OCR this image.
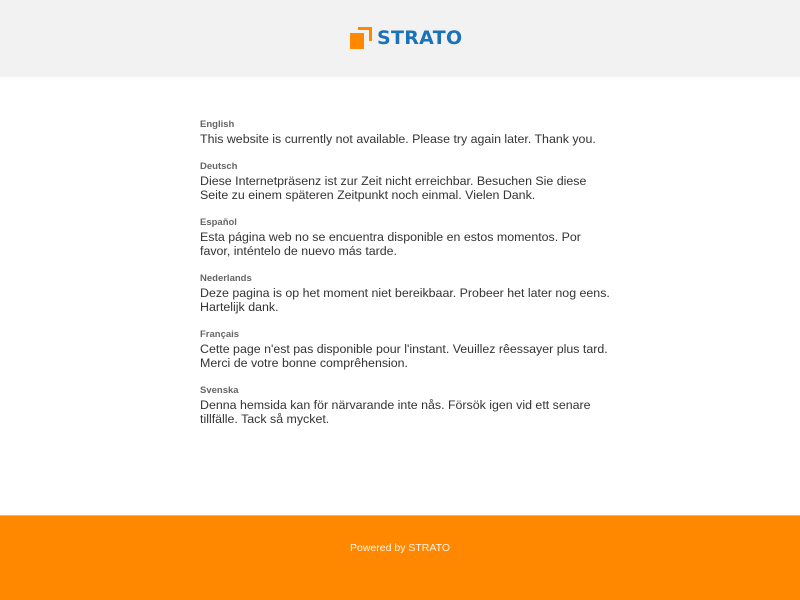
STRATO
English
This website is currently not available. Please try again later. Thank you.
Deutsch
Diese Internetpräsenz ist zur Zeit nicht erreichbar. Besuchen Sie diese
Seite zu einem späteren Zeitpunkt noch einmal. Vielen Dank.
Español
Esta página web no se encuentra disponible en estos momentos. Por
favor, inténtelo de nuevo más tarde.
Nederlands
Deze pagina is op het moment niet bereikbaar. Probeer het later nog eens.
Hartelijk dank.
Français
Cette page n'est pas disponible pour l'instant. Veuillez rêessayer plus tard.
Merci de votre bonne comprêhension.
Svenska
Denna hemsida kan för närvarande inte nås. Försök igen vid ett senare
tillfälle. Tack så mycket.
Powered by STRATO
